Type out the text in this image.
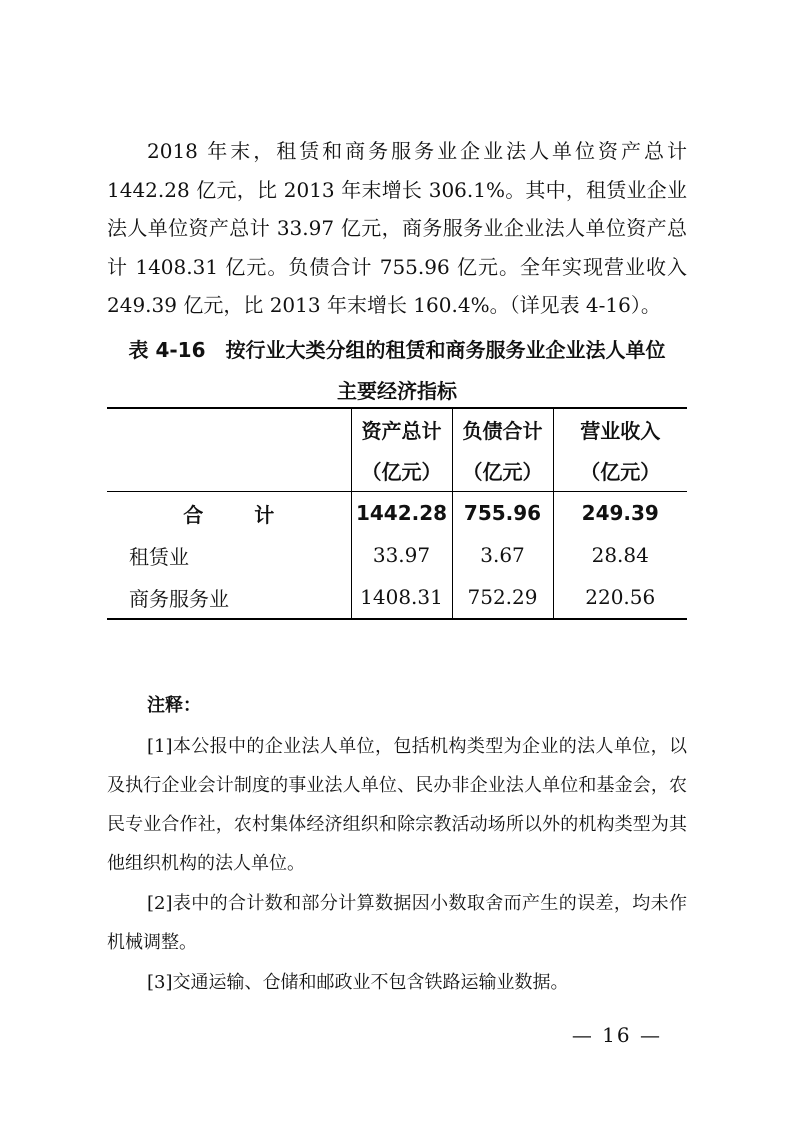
2018 年末，租赁和商务服务业企业法人单位资产总计 1442.28 亿元，比 2013 年末增长 306.1%。其中，租赁业企业法人单位资产总计 33.97 亿元，商务服务业企业法人单位资产总计 1408.31 亿元。负债合计 755.96 亿元。全年实现营业收入 249.39 亿元，比 2013 年末增长 160.4%。（详见表 4-16）。

表 4-16　按行业大类分组的租赁和商务服务业企业法人单位

主要经济指标

	资产总计	负债合计	营业收入
	（亿元）	（亿元）	（亿元）
合 计	1442.28	755.96	249.39
租赁业	33.97	3.67	28.84
商务服务业	1408.31	752.29	220.56

注释：

[1]本公报中的企业法人单位，包括机构类型为企业的法人单位，以及执行企业会计制度的事业法人单位、民办非企业法人单位和基金会，农民专业合作社，农村集体经济组织和除宗教活动场所以外的机构类型为其他组织机构的法人单位。

[2]表中的合计数和部分计算数据因小数取舍而产生的误差，均未作机械调整。

[3]交通运输、仓储和邮政业不包含铁路运输业数据。

— 16 —
